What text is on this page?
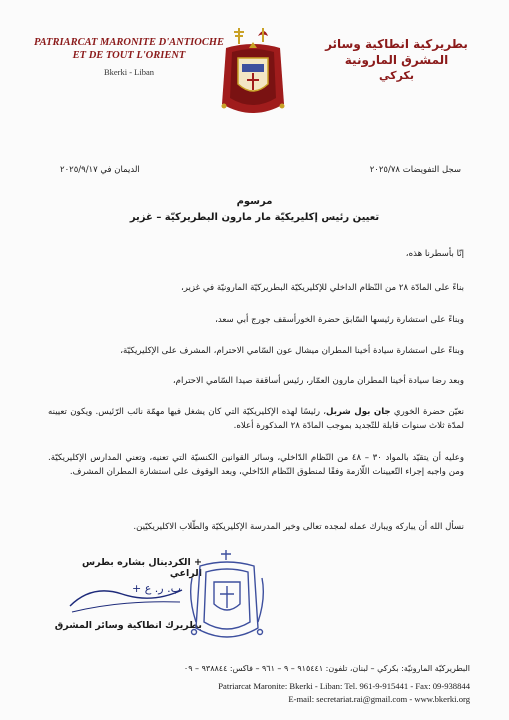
PATRIARCAT MARONITE D'ANTIOCHE
ET DE TOUT L'ORIENT
Bkerki - Liban
بطريركية انطاكية وسائر المشرق المارونية
بكركي
سجل التفويضات ٢٠٢٥/٧٨
الديمان في ٢٠٢٥/٩/١٧
مرسوم
تعيين رئيس إكليريكيّة مار مارون البطريركيّة – غزير
إنّا بأسطرنا هذه،
بناءً على المادّة ٢٨ من النّظام الداخلي للإكليريكيّة البطريركيّة المارونيّة في غزير،
وبناءً على استشارة رئيسها السّابق حضرة الخورأسقف جورج أبي سعد،
وبناءً على استشارة سيادة أخينا المطران ميشال عون السّامي الاحترام، المشرف على الإكليريكيّة،
وبعد رضا سيادة أخينا المطران مارون العمّار، رئيس أساقفة صيدا السّامي الاحترام،
نعيّن حضرة الخوري جان بول شربل، رئيسًا لهذه الإكليريكيّة التي كان يشغل فيها مهمّة نائب الرّئيس. ويكون تعيينه لمدّة ثلاث سنوات قابلة للتّجديد بموجب المادّة ٢٨ المذكورة أعلاه.
وعليه أن يتقيّد بالمواد ٣٠ – ٤٨ من النّظام الدّاخلي، وسائر القوانين الكنسيّة التي تعنيه، وتعني المدارس الإكليريكيّة. ومن واجبه إجراء التّعيينات اللّازمة وفقًا لمنطوق النّظام الدّاخلي، وبعد الوقوف على استشارة المطران المشرف.
نسأل الله أن يباركه ويبارك عمله لمجده تعالى وخير المدرسة الإكليريكيّة والطّلاب الاكليريكيّين.
+ الكردينال بشاره بطرس الراعي
+ ب. ر. ع
بطريرك انطاكية وسائر المشرق
البطريركيّة المارونيّة: بكركي – لبنان، تلفون: ٩١٥٤٤١ – ٩ – ٩٦١ – فاكس: ٩٣٨٨٤٤ – ٠٩
Patriarcat Maronite: Bkerki - Liban: Tel. 961-9-915441 - Fax: 09-938844
E-mail: secretariat.rai@gmail.com - www.bkerki.org
